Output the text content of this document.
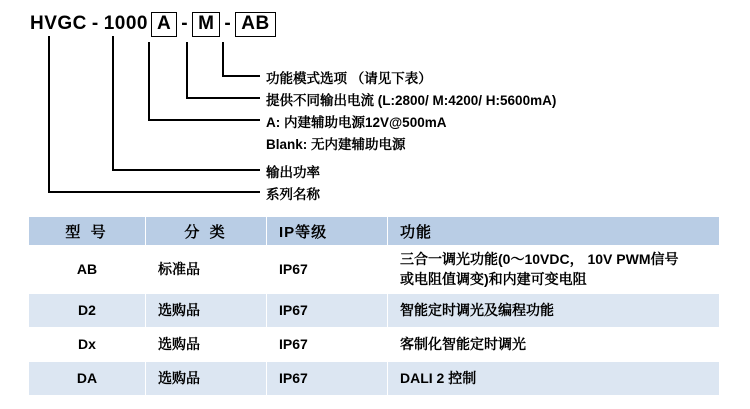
HVGC - 1000 A - M - AB
功能模式选项 （请见下表）
提供不同输出电流 (L:2800/ M:4200/ H:5600mA)
A: 内建辅助电源12V@500mA
Blank: 无内建辅助电源
输出功率
系列名称
型 号	分 类	IP等级	功能
AB	标准品	IP67	三合一调光功能(0～10VDC， 10V PWM信号
或电阻值调变)和内建可变电阻

D2	选购品	IP67	智能定时调光及编程功能
Dx	选购品	IP67	客制化智能定时调光
DA	选购品	IP67	DALI 2 控制
